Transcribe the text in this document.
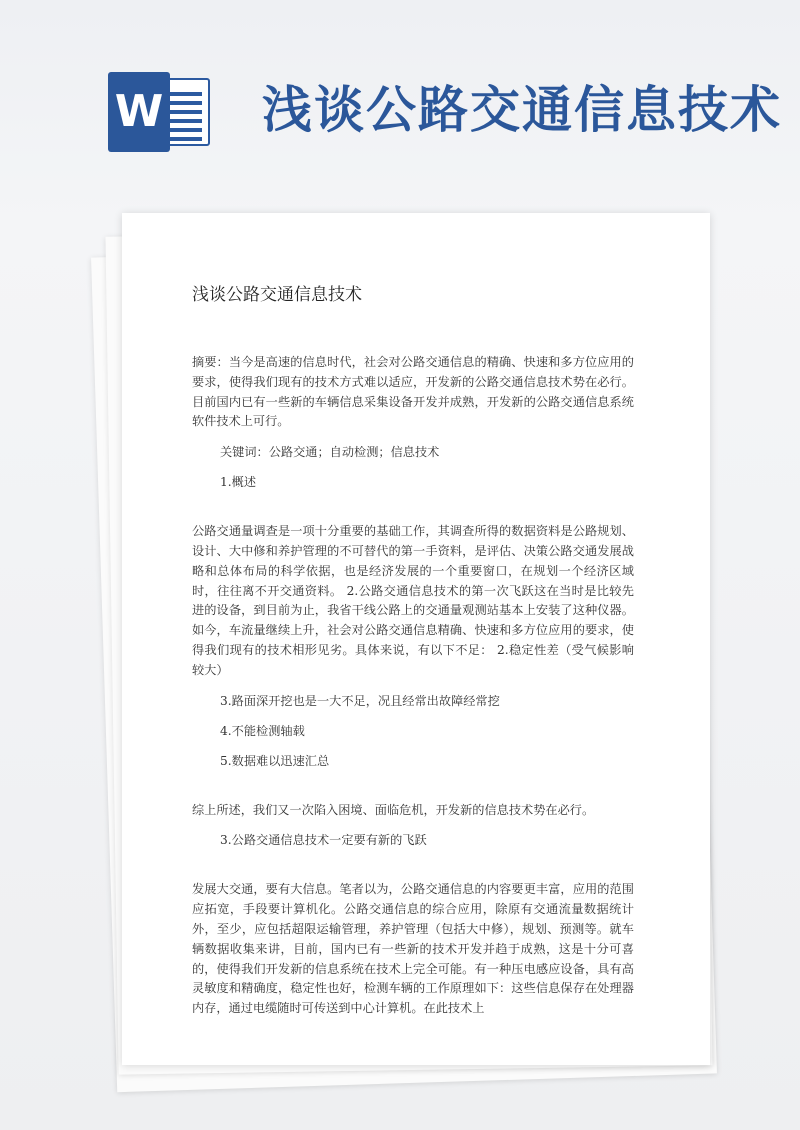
W 浅谈公路交通信息技术
浅谈公路交通信息技术

摘要：当今是高速的信息时代，社会对公路交通信息的精确、快速和多方位应用的要求，使得我们现有的技术方式难以适应，开发新的公路交通信息技术势在必行。目前国内已有一些新的车辆信息采集设备开发并成熟，开发新的公路交通信息系统软件技术上可行。

关键词：公路交通；自动检测；信息技术

1.概述

公路交通量调查是一项十分重要的基础工作，其调查所得的数据资料是公路规划、设计、大中修和养护管理的不可替代的第一手资料，是评估、决策公路交通发展战略和总体布局的科学依据，也是经济发展的一个重要窗口，在规划一个经济区域时，往往离不开交通资料。 2.公路交通信息技术的第一次飞跃这在当时是比较先进的设备，到目前为止，我省干线公路上的交通量观测站基本上安装了这种仪器。如今，车流量继续上升，社会对公路交通信息精确、快速和多方位应用的要求，使得我们现有的技术相形见劣。具体来说，有以下不足： 2.稳定性差（受气候影响较大）

3.路面深开挖也是一大不足，况且经常出故障经常挖

4.不能检测轴载

5.数据难以迅速汇总

综上所述，我们又一次陷入困境、面临危机，开发新的信息技术势在必行。

3.公路交通信息技术一定要有新的飞跃

发展大交通，要有大信息。笔者以为，公路交通信息的内容要更丰富，应用的范围应拓宽，手段要计算机化。公路交通信息的综合应用，除原有交通流量数据统计外，至少，应包括超限运输管理，养护管理（包括大中修），规划、预测等。就车辆数据收集来讲，目前，国内已有一些新的技术开发并趋于成熟，这是十分可喜的，使得我们开发新的信息系统在技术上完全可能。有一种压电感应设备，具有高灵敏度和精确度，稳定性也好，检测车辆的工作原理如下：这些信息保存在处理器内存，通过电缆随时可传送到中心计算机。在此技术上
